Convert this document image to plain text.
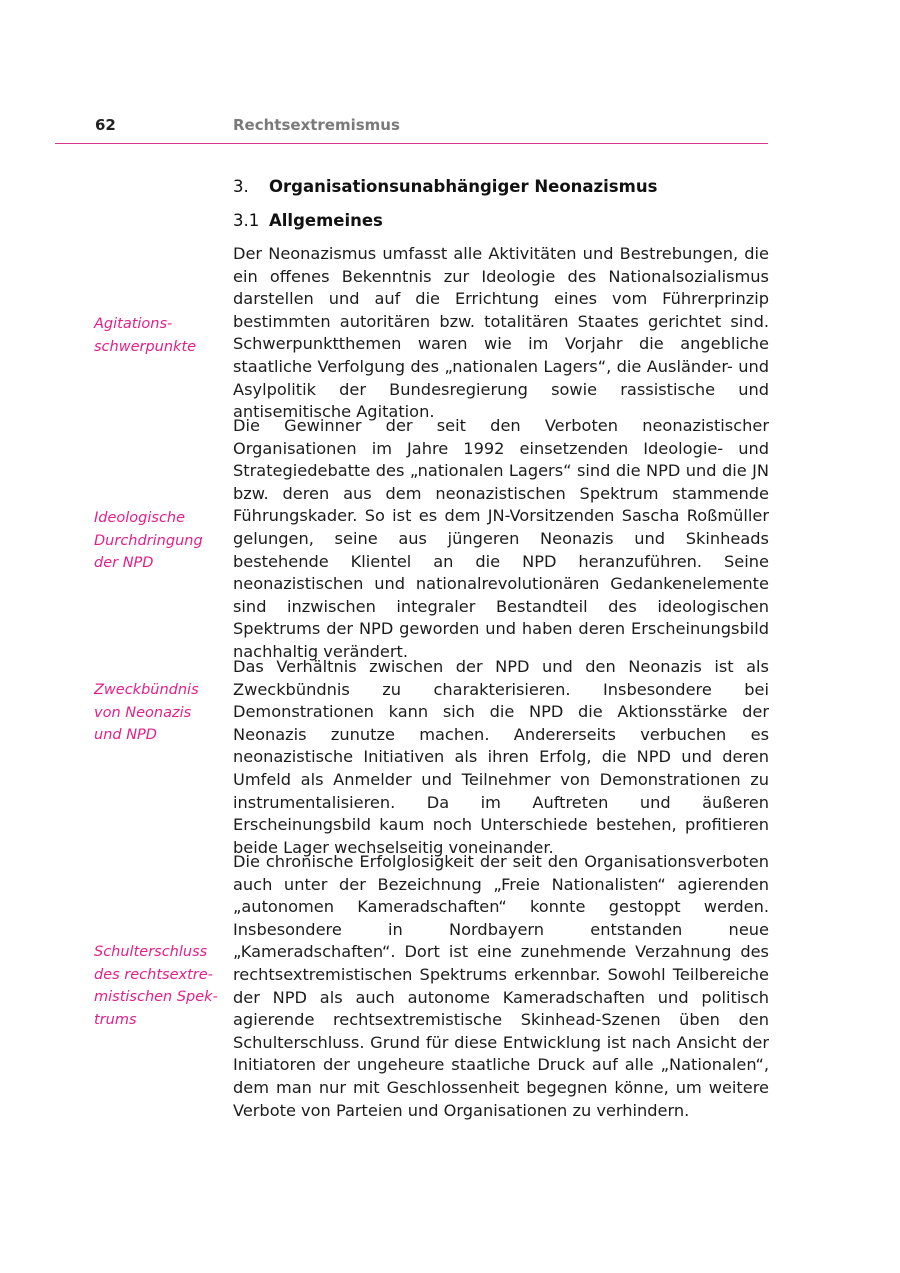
62	Rechtsextremismus
3. Organisationsunabhängiger Neonazismus
3.1 Allgemeines

Der Neonazismus umfasst alle Aktivitäten und Bestrebungen, die ein offenes Bekenntnis zur Ideologie des Nationalsozialismus darstellen und auf die Errichtung eines vom Führerprinzip bestimmten autoritären bzw. totalitären Staates gerichtet sind. Schwerpunktthemen waren wie im Vorjahr die angebliche staatliche Verfolgung des „nationalen Lagers“, die Ausländer- und Asylpolitik der Bundesregierung sowie rassistische und antisemitische Agitation.

Die Gewinner der seit den Verboten neonazistischer Organisationen im Jahre 1992 einsetzenden Ideologie- und Strategiedebatte des „nationalen Lagers“ sind die NPD und die JN bzw. deren aus dem neonazistischen Spektrum stammende Führungskader. So ist es dem JN-Vorsitzenden Sascha Roßmüller gelungen, seine aus jüngeren Neonazis und Skinheads bestehende Klientel an die NPD heranzuführen. Seine neonazistischen und nationalrevolutionären Gedankenelemente sind inzwischen integraler Bestandteil des ideologischen Spektrums der NPD geworden und haben deren Erscheinungsbild nachhaltig verändert.

Das Verhältnis zwischen der NPD und den Neonazis ist als Zweckbündnis zu charakterisieren. Insbesondere bei Demonstrationen kann sich die NPD die Aktionsstärke der Neonazis zunutze machen. Andererseits verbuchen es neonazistische Initiativen als ihren Erfolg, die NPD und deren Umfeld als Anmelder und Teilnehmer von Demonstrationen zu instrumentalisieren. Da im Auftreten und äußeren Erscheinungsbild kaum noch Unterschiede bestehen, profitieren beide Lager wechselseitig voneinander.

Die chronische Erfolglosigkeit der seit den Organisationsverboten auch unter der Bezeichnung „Freie Nationalisten“ agierenden „autonomen Kameradschaften“ konnte gestoppt werden. Insbesondere in Nordbayern entstanden neue „Kameradschaften“. Dort ist eine zunehmende Verzahnung des rechtsextremistischen Spektrums erkennbar. Sowohl Teilbereiche der NPD als auch autonome Kameradschaften und politisch agierende rechtsextremistische Skinhead-Szenen üben den Schulterschluss. Grund für diese Entwicklung ist nach Ansicht der Initiatoren der ungeheure staatliche Druck auf alle „Nationalen“, dem man nur mit Geschlossenheit begegnen könne, um weitere Verbote von Parteien und Organisationen zu verhindern.

Agitations-
schwerpunkte
Ideologische
Durchdringung
der NPD
Zweckbündnis
von Neonazis
und NPD
Schulterschluss
des rechtsextre-
mistischen Spek-
trums
